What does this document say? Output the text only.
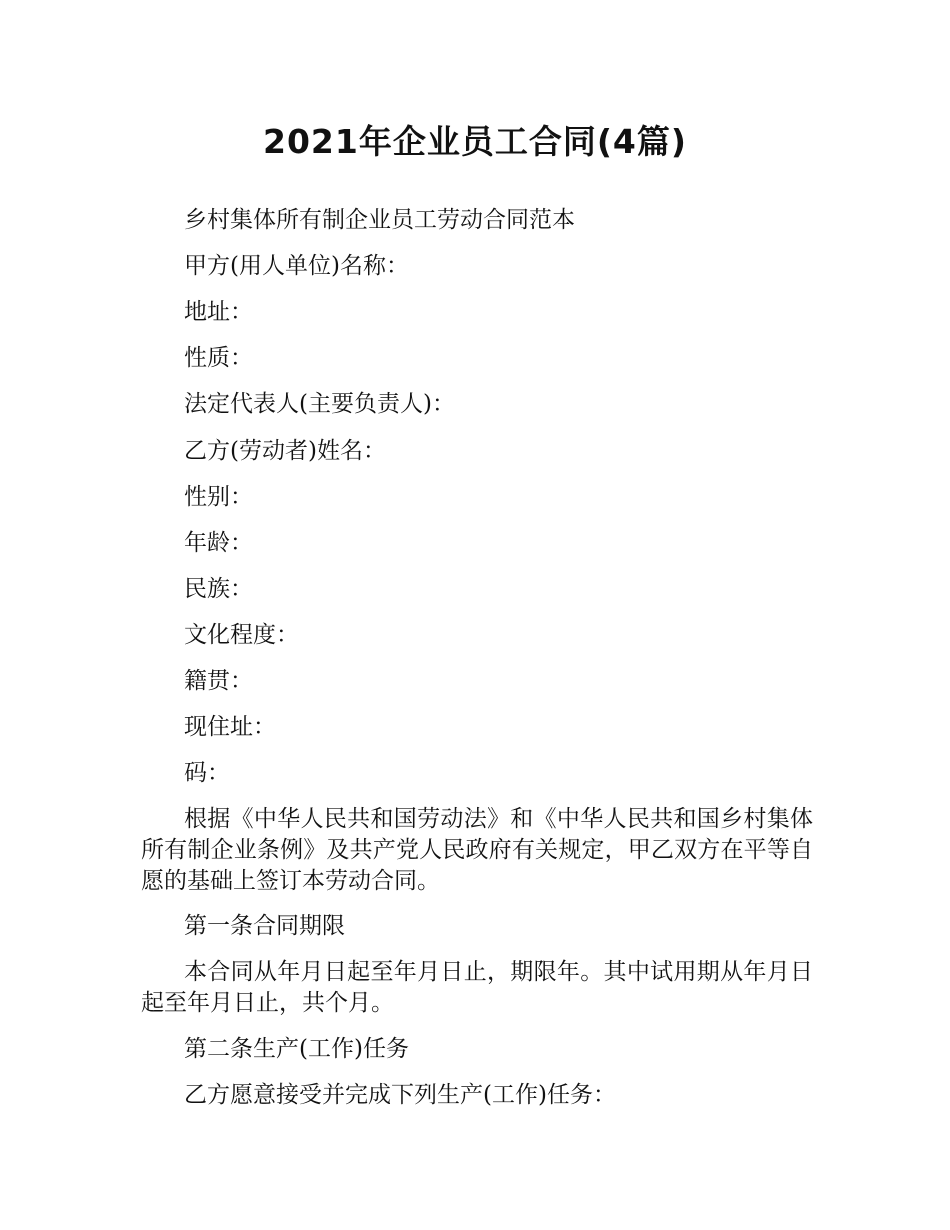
2021年企业员工合同(4篇)
乡村集体所有制企业员工劳动合同范本
甲方(用人单位)名称：
地址：
性质：
法定代表人(主要负责人)：
乙方(劳动者)姓名：
性别：
年龄：
民族：
文化程度：
籍贯：
现住址：
码：
根据《中华人民共和国劳动法》和《中华人民共和国乡村集体所有制企业条例》及共产党人民政府有关规定，甲乙双方在平等自愿的基础上签订本劳动合同。
第一条合同期限
本合同从年月日起至年月日止，期限年。其中试用期从年月日起至年月日止，共个月。
第二条生产(工作)任务
乙方愿意接受并完成下列生产(工作)任务：
